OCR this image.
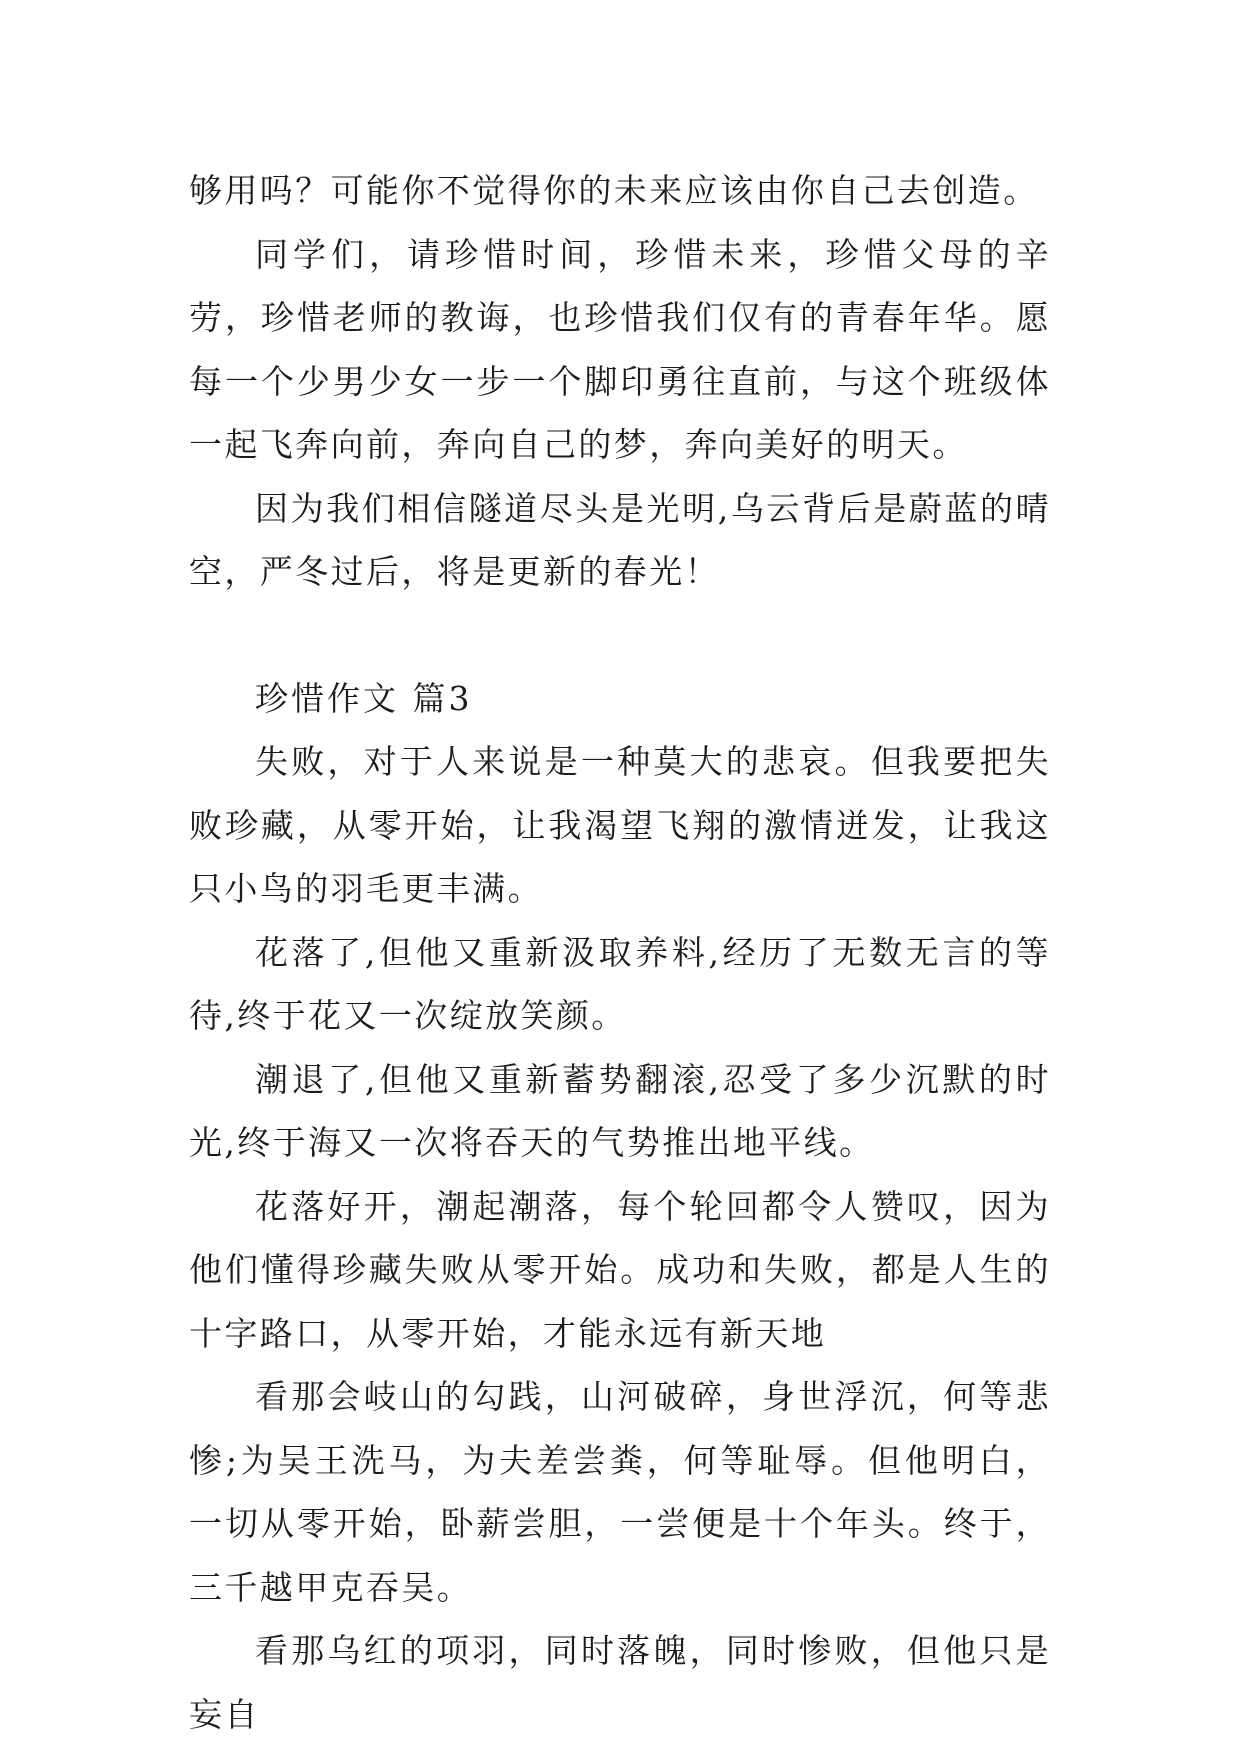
够用吗？可能你不觉得你的未来应该由你自己去创造。

同学们，请珍惜时间，珍惜未来，珍惜父母的辛劳，珍惜老师的教诲，也珍惜我们仅有的青春年华。愿每一个少男少女一步一个脚印勇往直前，与这个班级体一起飞奔向前，奔向自己的梦，奔向美好的明天。

因为我们相信隧道尽头是光明,乌云背后是蔚蓝的晴空，严冬过后，将是更新的春光！

珍惜作文 篇3

失败，对于人来说是一种莫大的悲哀。但我要把失败珍藏，从零开始，让我渴望飞翔的激情迸发，让我这只小鸟的羽毛更丰满。

花落了,但他又重新汲取养料,经历了无数无言的等待,终于花又一次绽放笑颜。

潮退了,但他又重新蓄势翻滚,忍受了多少沉默的时光,终于海又一次将吞天的气势推出地平线。

花落好开，潮起潮落，每个轮回都令人赞叹，因为他们懂得珍藏失败从零开始。成功和失败，都是人生的十字路口，从零开始，才能永远有新天地

看那会岐山的勾践，山河破碎，身世浮沉，何等悲惨;为吴王洗马，为夫差尝粪，何等耻辱。但他明白，一切从零开始，卧薪尝胆，一尝便是十个年头。终于，三千越甲克吞吴。

看那乌红的项羽，同时落魄，同时惨败，但他只是妄自
